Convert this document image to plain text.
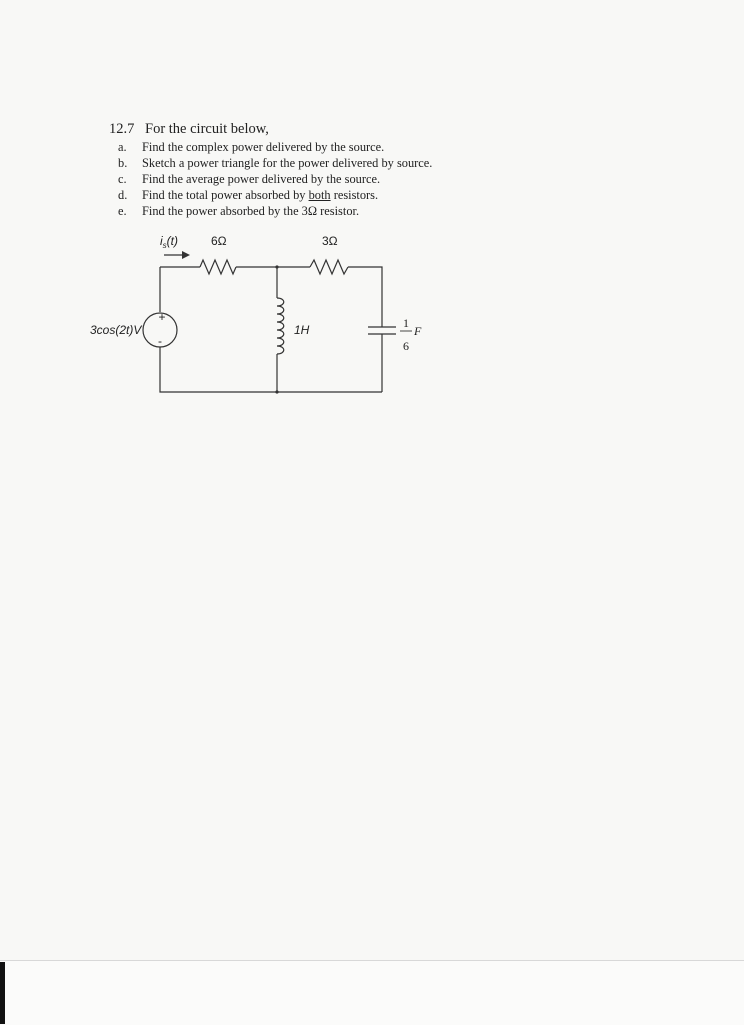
12.7 For the circuit below,
a.	Find the complex power delivered by the source.
b.	Sketch a power triangle for the power delivered by source.
c.	Find the average power delivered by the source.
d.	Find the total power absorbed by both resistors.
e.	Find the power absorbed by the 3Ω resistor.
$i_s(t)$	6Ω	3Ω
3cos(2t)V
+
-
1H	1
6
F
